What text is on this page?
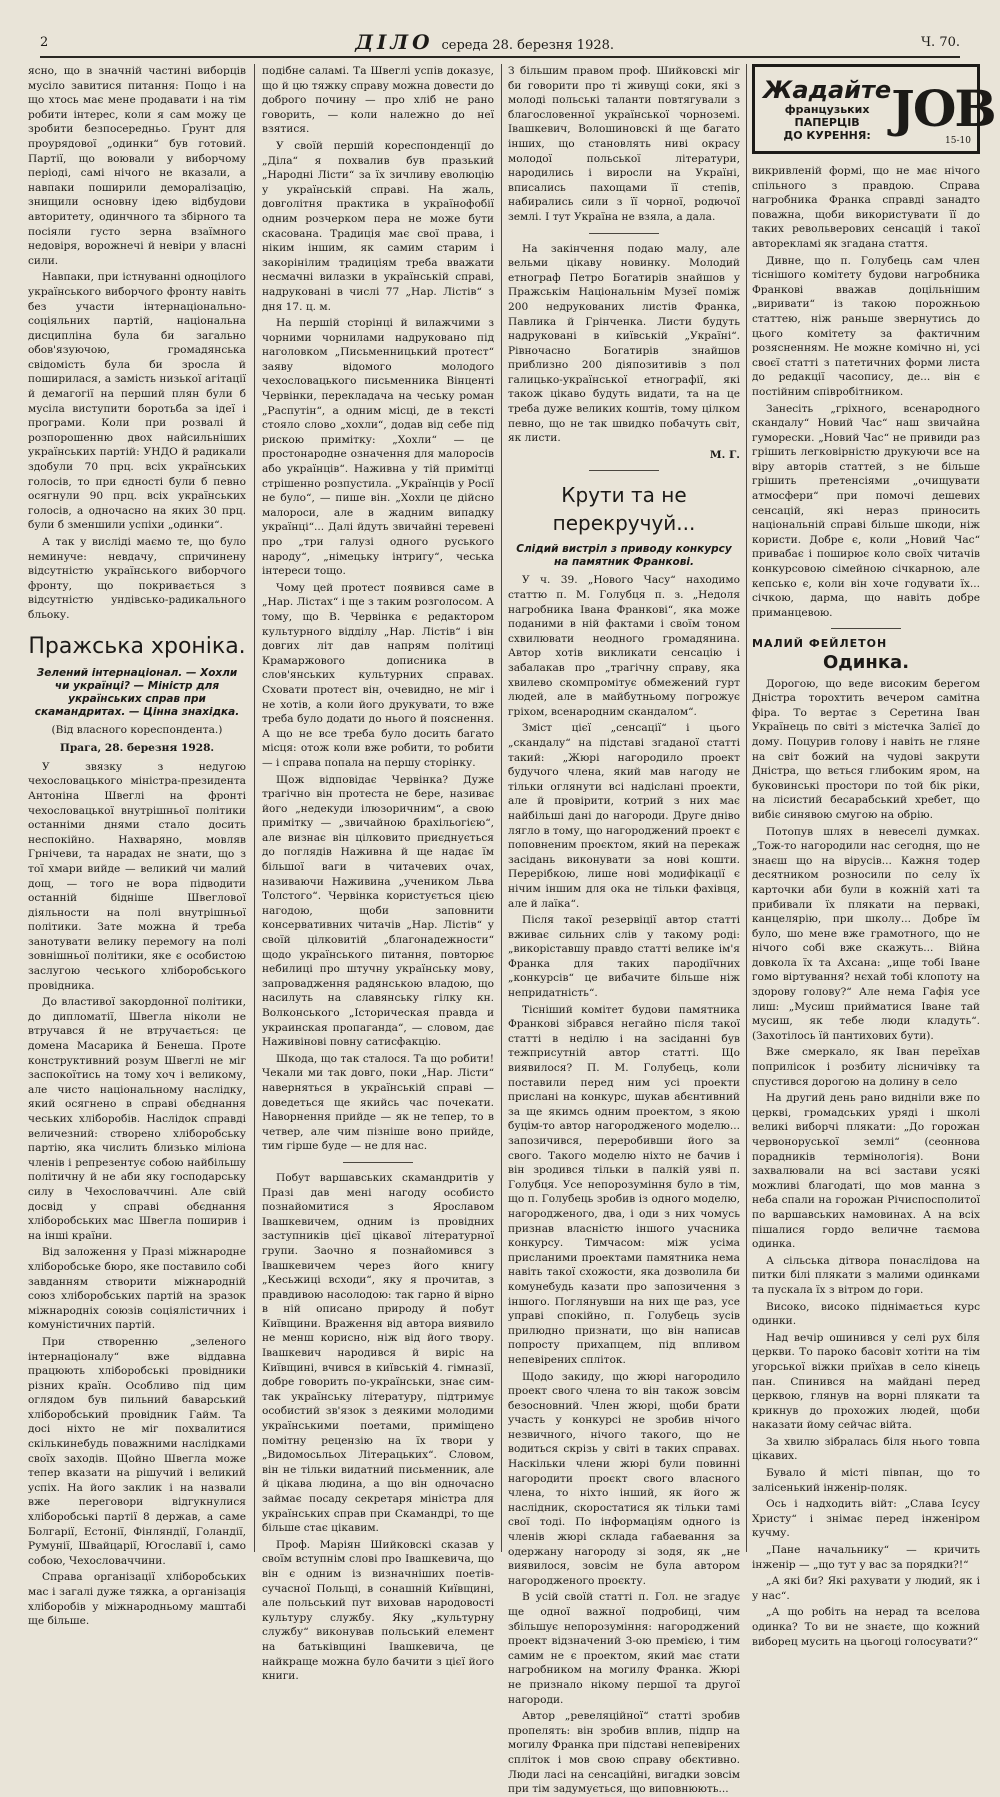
2	ДІЛО середа 28. березня 1928.	Ч. 70.

ясно, що в значній частині виборців мусіло завитися питання: Пощо і на що хтось має мене продавати і на тім робити інтерес, коли я сам можу це зробити безпосередньо. Ґрунт для проурядової „одинки“ був готовий. Партії, що воювали у виборчому періоді, самі нічого не вказали, а навпаки поширили деморалізацію, знищили основну ідею відбудови авторитету, одинчного та збірного та посіяли густо зерна взаїмного недовіря, ворожнечі й невіри у власні сили.

Навпаки, при істнуванні одноцілого українського виборчого фронту навіть без участи інтернаціонально-соціяльних партій, національна дисципліна була би загально обов'язуючою, громадянська свідомість була би зросла й поширилася, а замість низької агітації й демагогії на перший плян були б мусіла виступити боротьба за ідеї і програми. Коли при розвалі й розпорошенню двох найсильніших українських партій: УНДО й радикали здобули 70 прц. всіх українських голосів, то при єдності були б певно осягнули 90 прц. всіх українських голосів, а одночасно на яких 30 прц. були б зменшили успіхи „одинки“.

А так у висліді маємо те, що було неминуче: невдачу, спричинену відсутністю українського виборчого фронту, що покривається з відсутністю ундівсько-радикального бльоку.

Пражська хроніка.
Зелений інтернаціонал. — Хохли чи українці? — Міністр для українських справ при скамандритах. — Цінна знахідка.

(Від власного кореспондента.)

Прага, 28. березня 1928.

У звязку з недугою чехословацького міністра-президента Антоніна Швеглі на фронті чехословацької внутрішньої політики останніми днями стало досить неспокійно. Нахваряно, мовляв Грнічеви, та нарадах не знати, що з тої хмари вийде — великий чи малий дощ, — того не вора підводити останній бідніше Швеглової діяльности на полі внутрішньої політики. Зате можна й треба занотувати велику перемогу на полі зовнішньої політики, яке є особистою заслугою чеського хліборобського провідника.

До властивої закордонної політики, до дипломатії, Швегла ніколи не втручався й не втручається: це домена Масарика й Бенеша. Проте конструктивний розум Швеглі не міг заспокоїтись на тому хоч і великому, але чисто національному наслідку, який осягнено в справі обєднання чеських хліборобів. Наслідок справді величезний: створено хліборобську партію, яка числить близько міліона членів і репрезентує собою найбільшу політичну й не аби яку господарську силу в Чехословаччині. Але свій досвід у справі обєднання хліборобських мас Швегла поширив і на інші країни.

Від заложення у Празі міжнародне хліборобське бюро, яке поставило собі завданням створити міжнародній союз хліборобських партій на зразок міжнародніх союзів соціялістичних і комуністичних партій.

При створенню „зеленого інтернаціоналу“ вже віддавна працюють хліборобські провідники різних країн. Особливо під цим оглядом був пильний баварський хліборобський провідник Гайм. Та досі ніхто не міг похвалитися скількинебудь поважними наслідками своїх заходів. Щойно Швегла може тепер вказати на рішучий і великий успіх. На його заклик і на назвали вже переговори відгукнулися хліборобські партії 8 держав, а саме Болгарії, Естонії, Фінляндії, Голандії, Румунії, Швайцарії, Югославії і, само собою, Чехословаччини.

Справа організації хліборобських мас і загалі дуже тяжка, а організація хліборобів у міжнародньому маштабі ще більше.

подібне саламі. Та Швеглі успів доказує, що й цю тяжку справу можна довести до доброго почину — про хліб не рано говорить, — коли належно до неї взятися.

У своїй першій кореспонденції до „Діла“ я похвалив був празький „Народні Лісти“ за їх зичливу еволюцію у українській справі. На жаль, довголітня практика в українофобії одним розчерком пера не може бути скасована. Традиція має свої права, і ніким іншим, як самим старим і закорінілим традиціям треба вважати несмачні вилазки в українській справі, надруковані в числі 77 „Нар. Лістів“ з дня 17. ц. м.

На першій сторінці й вилажчими з чорними чорнилами надруковано під наголовком „Письменницький протест“ заяву відомого молодого чехословацького письменника Вінценті Червінки, перекладача на чеську роман „Распутін“, а одним місці, де в тексті стояло слово „хохли“, додав від себе під рискою примітку: „Хохли“ — це простонародне означення для малоросів або українців“. Наживна у тій примітці стрішенно розпустила. „Українців у Росії не було“, — пише він. „Хохли це дійсно малороси, але в жадним випадку українці“... Далі йдуть звичайні теревені про „три галузі одного руського народу“, „німецьку інтригу“, чеська інтереси тощо.

Чому цей протест появився саме в „Нар. Лістах“ і ще з таким розголосом. А тому, що В. Червінка є редактором культурного відділу „Нар. Лістів“ і він довгих літ дав напрям політиці Крамаржового дописника в слов'янських культурних справах. Сховати протест він, очевидно, не міг і не хотів, а коли його друкувати, то вже треба було додати до нього й пояснення. А що не все треба було досить багато місця: отож коли вже робити, то робити — і справа попала на першу сторінку.

Щож відповідає Червінка? Дуже трагічно він протеста не бере, називає його „недекуди ілюзоричним“, а свою примітку — „звичайною брахільогією“, але визнає він цілковито приєднується до поглядів Наживна й ще надає їм більшої ваги в читачевих очах, називаючи Наживина „учеником Льва Толстого“. Червінка користується цією нагодою, щоби заповнити консервативних читачів „Нар. Лістів“ у своїй цілковитій „благонадежности“ щодо українського питання, повторює небилиці про штучну українську мову, запровадження радянською владою, що насилуть на славянську гілку кн. Волконського „Історическая правда и украинская пропаганда“, — словом, дає Наживінові повну сатисфакцію.

Шкода, що так сталося. Та що робити! Чекали ми так довго, поки „Нар. Лісти“ наверняться в українській справі — доведеться ще якийсь час почекати. Наворнення прийде — як не тепер, то в четвер, але чим пізніше воно прийде, тим гірше буде — не для нас.

Побут варшавських скамандритів у Празі дав мені нагоду особисто познайомитися з Ярославом Івашкевичем, одним із провідних заступників цієї цікавої літературної групи. Заочно я познайомився з Івашкевичем через його книгу „Кесьжиці всходи“, яку я прочитав, з правдивою насолодою: так гарно й вірно в ній описано природу й побут Київщини. Враження від автора виявило не менш корисно, ніж від його твору. Івашкевич народився й виріс на Київщині, вчився в київській 4. гімназії, добре говорить по-українськи, знає сим-так українську літературу, підтримує особистий зв'язок з деякими молодими українськими поетами, приміщено помітну рецензію на їх твори у „Видомосьльох Літерацьких“. Словом, він не тільки видатний письменник, але й цікава людина, а що він одночасно займає посаду секретаря міністра для українських справ при Скамандрі, то ще більше стає цікавим.

Проф. Маріян Шийковскі сказав у своїм вступнім слові про Івашкевича, що він є одним із визначніших поетів-сучасної Польщі, в сонашній Київщині, але польський пут виховав народовості культуру службу. Яку „культурну службу“ виконував польський елемент на батьківщині Івашкевича, це найкраще можна було бачити з цієї його книги.

З більшим правом проф. Шийковскі міг би говорити про ті живущі соки, які з молоді польські таланти повтягували з благословенної української чорноземі. Івашкевич, Волошиновскі й ще багато інших, що становлять ниві окрасу молодої польської літератури, народились і виросли на Україні, вписались пахощами її степів, набирались сили з її чорної, родючої землі. І тут Україна не взяла, а дала.

На закінчення подаю малу, але вельми цікаву новинку. Молодий етнограф Петро Богатирів знайшов у Пражськім Національнім Музеї поміж 200 недрукованих листів Франка, Павлика й Грінченка. Листи будуть надруковані в київській „Україні“. Рівночасно Богатирів знайшов приблизно 200 діяпозитивів з пол галицько-української етнографії, які також цікаво будуть видати, та на це треба дуже великих коштів, тому цілком певно, що не так швидко побачуть світ, як листи.

М. Г.

Крути та не перекручуй...
Слідий вистріл з приводу конкурсу на памятник Франкові.

У ч. 39. „Нового Часу“ находимо статтю п. М. Голубця п. з. „Недоля нагробника Івана Франкові“, яка може поданими в ній фактами і своїм тоном схвилювати неодного громадянина. Автор хотів викликати сенсацію і забалакав про „трагічну справу, яка хвилево скомпромітує обмежений гурт людей, але в майбутньому погрожує гріхом, всенародним скандалом“.

Зміст цієї „сенсації“ і цього „скандалу“ на підставі згаданої статті такий: „Жюрі нагородило проект будучого члена, який мав нагоду не тільки оглянути всі надіслані проекти, але й провірити, котрий з них має найбільші дані до нагороди. Друге дніво лягло в тому, що нагороджений проект є поповненим проєктом, який на перекаж засідань виконувати за нові кошти. Перерібкою, лише нові модифікації є нічим іншим для ока не тільки фахівця, але й лаїка“.

Після такої резервіції автор статті вживає сильних слів у такому роді: „викоріставшу правдо статті велике ім'я Франка для таких пародіїчних „конкурсів“ це вибачите більше ніж непридатність“.

Тісніший комітет будови памятника Франкові зібрався негайно після такої статті в неділю і на засіданні був тежприсутній автор статті. Що виявилося? П. М. Голубець, коли поставили перед ним усі проекти прислані на конкурс, шукав абєнтивний за ще якимсь одним проектом, з якою буцім-то автор нагородженого моделю... запозичився, переробивши його за свого. Такого моделю ніхто не бачив і він зродився тільки в палкій уяві п. Голубця. Усе непорозуміння було в тім, що п. Голубець зробив із одного моделю, нагородженого, два, і оди з них чомусь признав власністю іншого учасника конкурсу. Тимчасом: між усіма присланими проектами памятника нема навіть такої схожости, яка дозволила би комунебудь казати про запозичення з іншого. Поглянувши на них ще раз, усе управі спокійно, п. Голубець зусів прилюдно признати, що він написав попросту прихапцем, під впливом непевірених спліток.

Щодо закиду, що жюрі нагородило проект свого члена то він також зовсім безосновний. Член жюрі, щоби брати участь у конкурсі не зробив нічого незвичного, нічого такого, що не водиться скрізь у світі в таких справах. Наскільки члени жюрі були повинні нагородити проєкт свого власного члена, то ніхто інший, як його ж наслідник, скоростатися як тільки тамі свої тоді. По інформаціям одного із членів жюрі склада габаевання за одержану нагороду зі зодя, як „не виявилося, зовсім не була автором нагородженого проєкту.

В усій своїй статті п. Гол. не згадує ще одної важної подробиці, чим збільшує непорозуміння: нагороджений проект відзначений 3-ою премією, і тим самим не є проектом, який має стати нагробником на могилу Франка. Жюрі не признало нікому першої та другої нагороди.

Автор „ревеляційної“ статті зробив пропелять: він зробив вплив, підпр на могилу Франка при підставі непевірених спліток і мов свою справу обєктивно. Люди ласі на сенсаційні, вигадки зовсім при тім задумується, що виповнюють...

Жадайте
французьких
ПАПЕРЦІВ
ДО КУРЕННЯ: JOB
15-10

викривленій формі, що не має нічого спільного з правдою. Справа нагробника Франка справді занадто поважна, щоби використувати її до таких револьверових сенсацій і такої авторекламі як згадана стаття.

Дивне, що п. Голубець сам член тіснішого комітету будови нагробника Франкові вважав доцільнішим „виривати“ із такою порожньою статтею, ніж раньше звернутись до цього комітету за фактичним розясненням. Не можне комічно ні, усі своєї статті з патетичних форми листа до редакції часопису, де... він є постійним співробітником.

Занесіть „гріхного, всенародного скандалу“ Новий Час“ наш звичайна гуморески. „Новий Час“ не привиди раз грішить легковірністю друкуючи все на віру авторів статтей, з не більше грішить претенсіями „очищувати атмосфери“ при помочі дешевих сенсацій, які нераз приносить національній справі більше шкоди, ніж користи. Добре є, коли „Новий Час“ привабає і поширює коло своїх читачів конкурсовою сімейною січкарною, але кепсько є, коли він хоче годувати їх... січкою, дарма, що навіть добре приманцевою.

МАЛИЙ ФЕЙЛЕТОН

Одинка.

Дорогою, що веде високим берегом Дністра торохтить вечером самітна фіра. То вертає з Серетина Іван Українець по світі з містечка Залієї до дому. Поцурив голову і навіть не гляне на світ божий на чудові закрути Дністра, що вється глибоким яром, на буковинські простори по той бік ріки, на лісистий бесарабський хребет, що вибіє синявою смугою на обрію.

Потопув шлях в невеселі думках. „Тож-то нагородили нас сегодня, що не знаєш що на вірусів... Кажня тодер десятником розносили по селу їх карточки аби були в кожній хаті та прибивали їх плякати на первакі, канцелярію, при школу... Добре їм було, шо мене вже грамотного, що не нічого собі вже скажуть... Війна довкола їх та Ахсана: „ище тобі Іване гомо віртування? нєхай тобі клопоту на здорову голову?“ Але нема Гафія усе лиш: „Мусиш прийматися Іване тай мусиш, як тебе люди кладуть“. (Захотілось їй пантихових бути).

Вже смеркало, як Іван переїхав поприлісок і розбиту лісничівку та спустився дорогою на долину в село

На другий день рано видніли вже по церкві, громадських уряді і школі великі виборчі плякати: „До горожан червоноруської землі“ (сеоннова порадників термінологія). Вони захвалювали на всі застави усякі можливі благодаті, що мов манна з неба спали на горожан Річиспосполитої по варшавських намовинах. А на всіх пішалися гордо величне таємова одинка.

А сільська дітвора понаслідова на питки білі плякати з малими одинками та пускала їх з вітром до гори.

Високо, високо піднімається курс одинки.

Над вечір ошинився у селі рух біля церкви. То пароко басовіт хотіти на тім угорської віжки приїхав в село кінець пан. Спинився на майдані перед церквою, глянув на ворні плякати та крикнув до прохожих людей, щоби наказати йому сейчас війта.

За хвилю зібралась біля нього товпа цікавих.

Бувало й місті півпан, що то залісенький інженір-поляк.

Ось і надходить війт: „Слава Ісусу Христу“ і знімає перед інженіром кучму.

„Пане начальнику“ — кричить інженір — „що тут у вас за порядки?!“

„А які би? Які рахувати у людий, як і у нас“.

„А що робіть на нерад та вселова одинка? То ви не знаєте, що кожний виборец мусить на цьогоці голосувати?“
